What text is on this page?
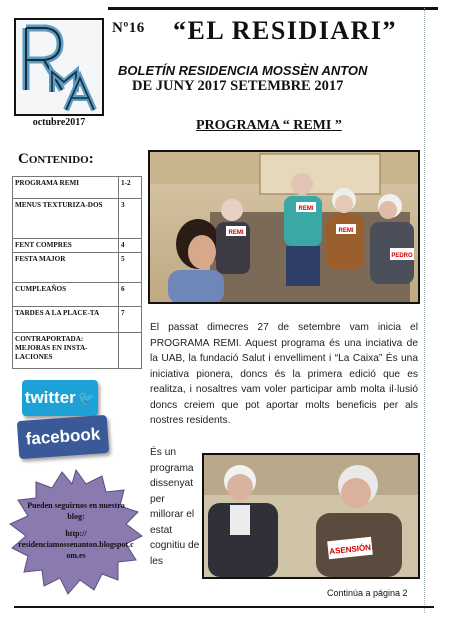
octubre2017
Nº16 “EL RESIDIARI”
BOLETÍN RESIDENCIA MOSSÈN ANTON
DE JUNY 2017 SETEMBRE 2017
PROGRAMA “ REMI ”
Contenido:
PROGRAMA REMI	1-2
MENUS TEXTURIZA-DOS	3
FENT COMPRES	4
FESTA MAJOR	5
CUMPLEAÑOS	6
TARDES A LA PLACE-TA	7
CONTRAPORTADA: MEJORAS EN INSTA-LACIONES	
twitter 🐦
facebook
Pueden seguirnos en nuestro blog:
http://
residenciamossenanton.blogspot.com.es
REMI
REMI
REMI
PEDRO
El passat dimecres 27 de setembre vam inicia el PROGRAMA REMI. Aquest programa és una inciativa de la UAB, la fundació Salut i envelliment i “La Caixa” És una iniciativa pionera, doncs és la primera edició que es realitza, i nosaltres vam voler participar amb molta il·lusió doncs creiem que pot aportar molts beneficis per als nostres residents.
És un programa dissenyat per millorar el estat cognitiu de les
ASENSIÓN
Continúa a página 2
